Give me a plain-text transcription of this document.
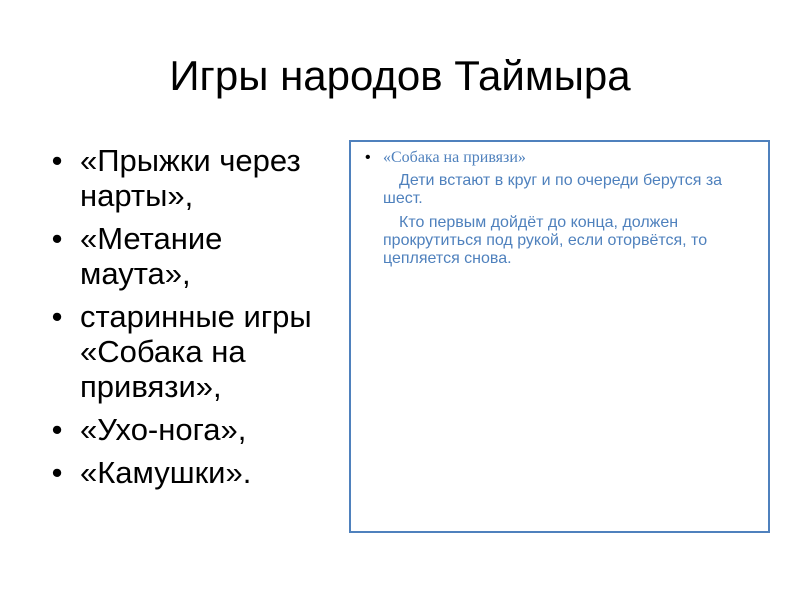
Игры народов Таймыра
• «Прыжки через
нарты»,
• «Метание
маута»,
• старинные игры
«Собака на
привязи»,
• «Ухо-нога»,
• «Камушки».
• «Собака на привязи»

Дети встают в круг и по очереди берутся за шест.

Кто первым дойдёт до конца, должен прокрутиться под рукой, если оторвётся, то цепляется снова.
